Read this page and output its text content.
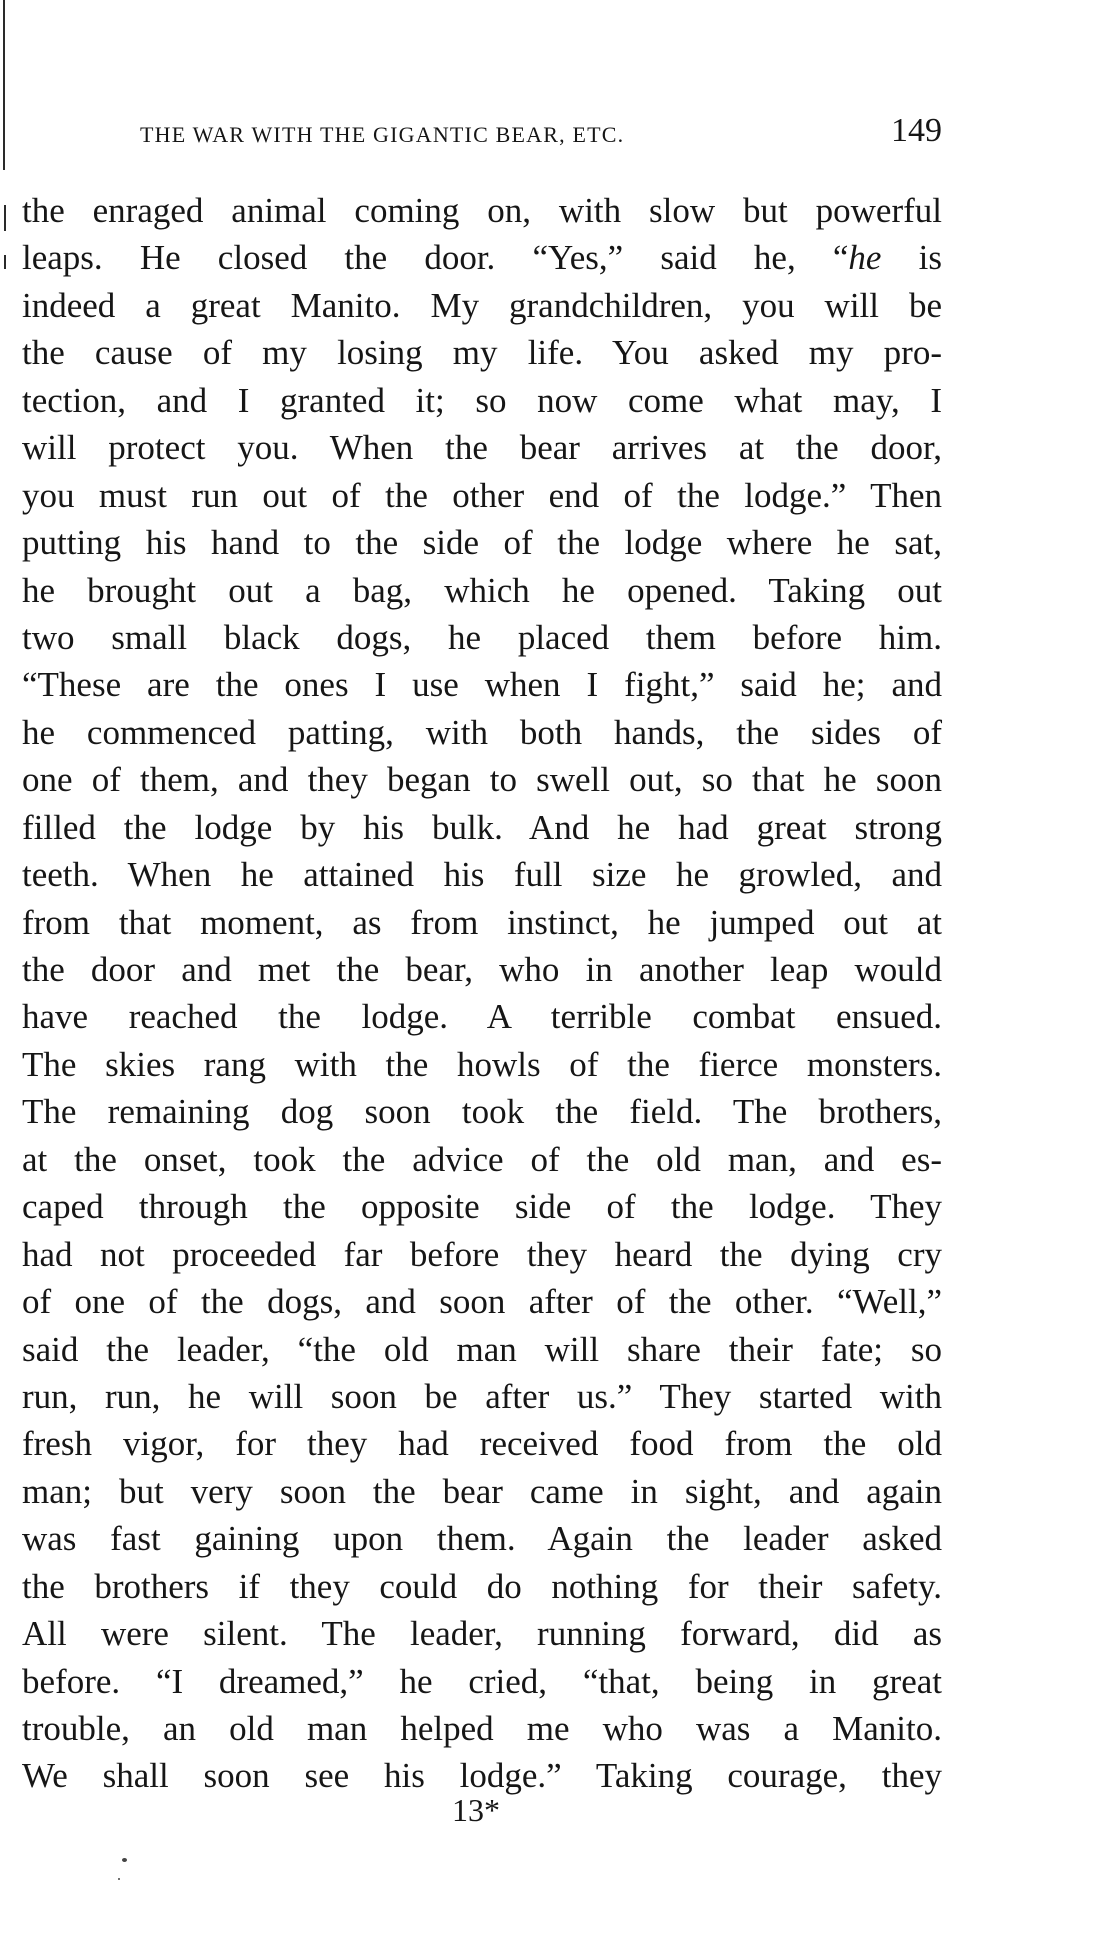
THE WAR WITH THE GIGANTIC BEAR, ETC.	149
the enraged animal coming on, with slow but powerful
leaps. He closed the door. “Yes,” said he, “he is
indeed a great Manito. My grandchildren, you will be
the cause of my losing my life. You asked my pro-
tection, and I granted it; so now come what may, I
will protect you. When the bear arrives at the door,
you must run out of the other end of the lodge.” Then
putting his hand to the side of the lodge where he sat,
he brought out a bag, which he opened. Taking out
two small black dogs, he placed them before him.
“These are the ones I use when I fight,” said he; and
he commenced patting, with both hands, the sides of
one of them, and they began to swell out, so that he soon
filled the lodge by his bulk. And he had great strong
teeth. When he attained his full size he growled, and
from that moment, as from instinct, he jumped out at
the door and met the bear, who in another leap would
have reached the lodge. A terrible combat ensued.
The skies rang with the howls of the fierce monsters.
The remaining dog soon took the field. The brothers,
at the onset, took the advice of the old man, and es-
caped through the opposite side of the lodge. They
had not proceeded far before they heard the dying cry
of one of the dogs, and soon after of the other. “Well,”
said the leader, “the old man will share their fate; so
run, run, he will soon be after us.” They started with
fresh vigor, for they had received food from the old
man; but very soon the bear came in sight, and again
was fast gaining upon them. Again the leader asked
the brothers if they could do nothing for their safety.
All were silent. The leader, running forward, did as
before. “I dreamed,” he cried, “that, being in great
trouble, an old man helped me who was a Manito.
We shall soon see his lodge.” Taking courage, they
13*
